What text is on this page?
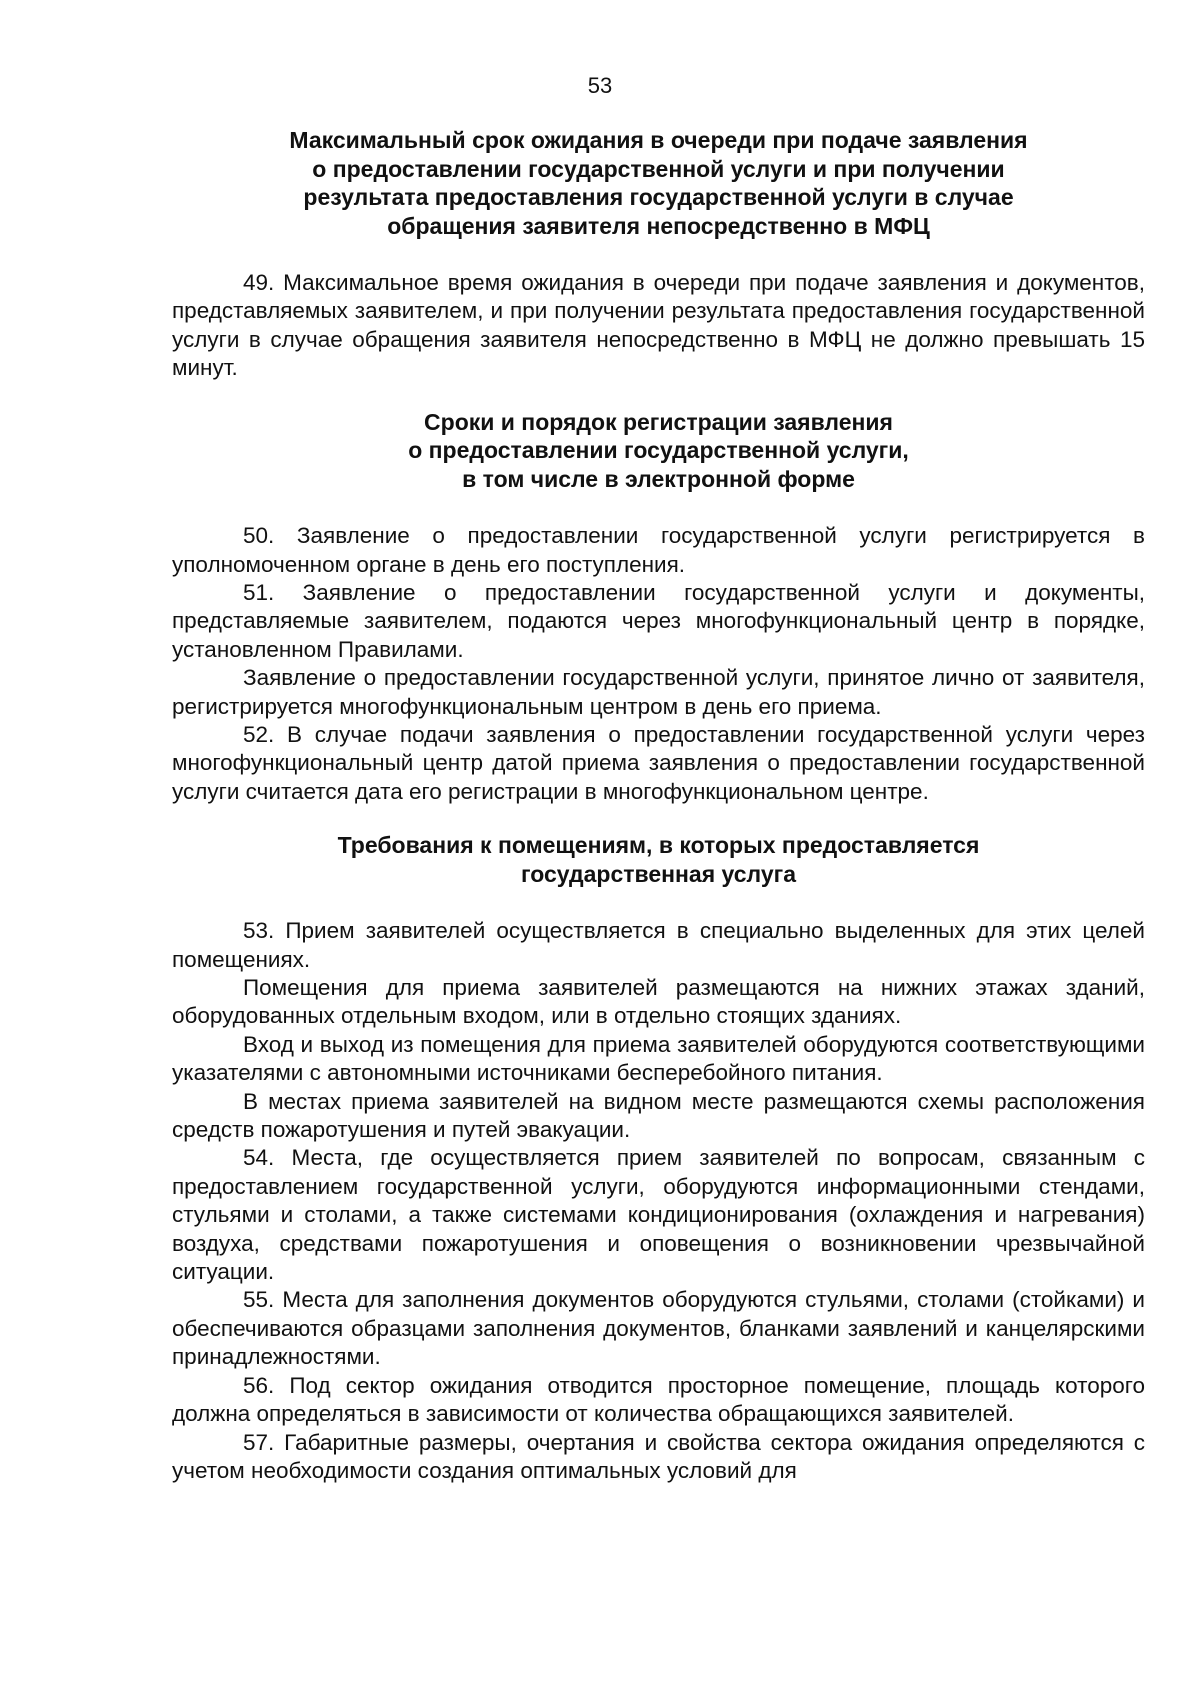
53
Максимальный срок ожидания в очереди при подаче заявления
о предоставлении государственной услуги и при получении
результата предоставления государственной услуги в случае
обращения заявителя непосредственно в МФЦ

49. Максимальное время ожидания в очереди при подаче заявления и документов, представляемых заявителем, и при получении результата предоставления государственной услуги в случае обращения заявителя непосредственно в МФЦ не должно превышать 15 минут.

Сроки и порядок регистрации заявления
о предоставлении государственной услуги,
в том числе в электронной форме

50. Заявление о предоставлении государственной услуги регистрируется в уполномоченном органе в день его поступления.

51. Заявление о предоставлении государственной услуги и документы, представляемые заявителем, подаются через многофункциональный центр в порядке, установленном Правилами.

Заявление о предоставлении государственной услуги, принятое лично от заявителя, регистрируется многофункциональным центром в день его приема.

52. В случае подачи заявления о предоставлении государственной услуги через многофункциональный центр датой приема заявления о предоставлении государственной услуги считается дата его регистрации в многофункциональном центре.

Требования к помещениям, в которых предоставляется
государственная услуга

53. Прием заявителей осуществляется в специально выделенных для этих целей помещениях.

Помещения для приема заявителей размещаются на нижних этажах зданий, оборудованных отдельным входом, или в отдельно стоящих зданиях.

Вход и выход из помещения для приема заявителей оборудуются соответствующими указателями с автономными источниками бесперебойного питания.

В местах приема заявителей на видном месте размещаются схемы расположения средств пожаротушения и путей эвакуации.

54. Места, где осуществляется прием заявителей по вопросам, связанным с предоставлением государственной услуги, оборудуются информационными стендами, стульями и столами, а также системами кондиционирования (охлаждения и нагревания) воздуха, средствами пожаротушения и оповещения о возникновении чрезвычайной ситуации.

55. Места для заполнения документов оборудуются стульями, столами (стойками) и обеспечиваются образцами заполнения документов, бланками заявлений и канцелярскими принадлежностями.

56. Под сектор ожидания отводится просторное помещение, площадь которого должна определяться в зависимости от количества обращающихся заявителей.

57. Габаритные размеры, очертания и свойства сектора ожидания определяются с учетом необходимости создания оптимальных условий для
